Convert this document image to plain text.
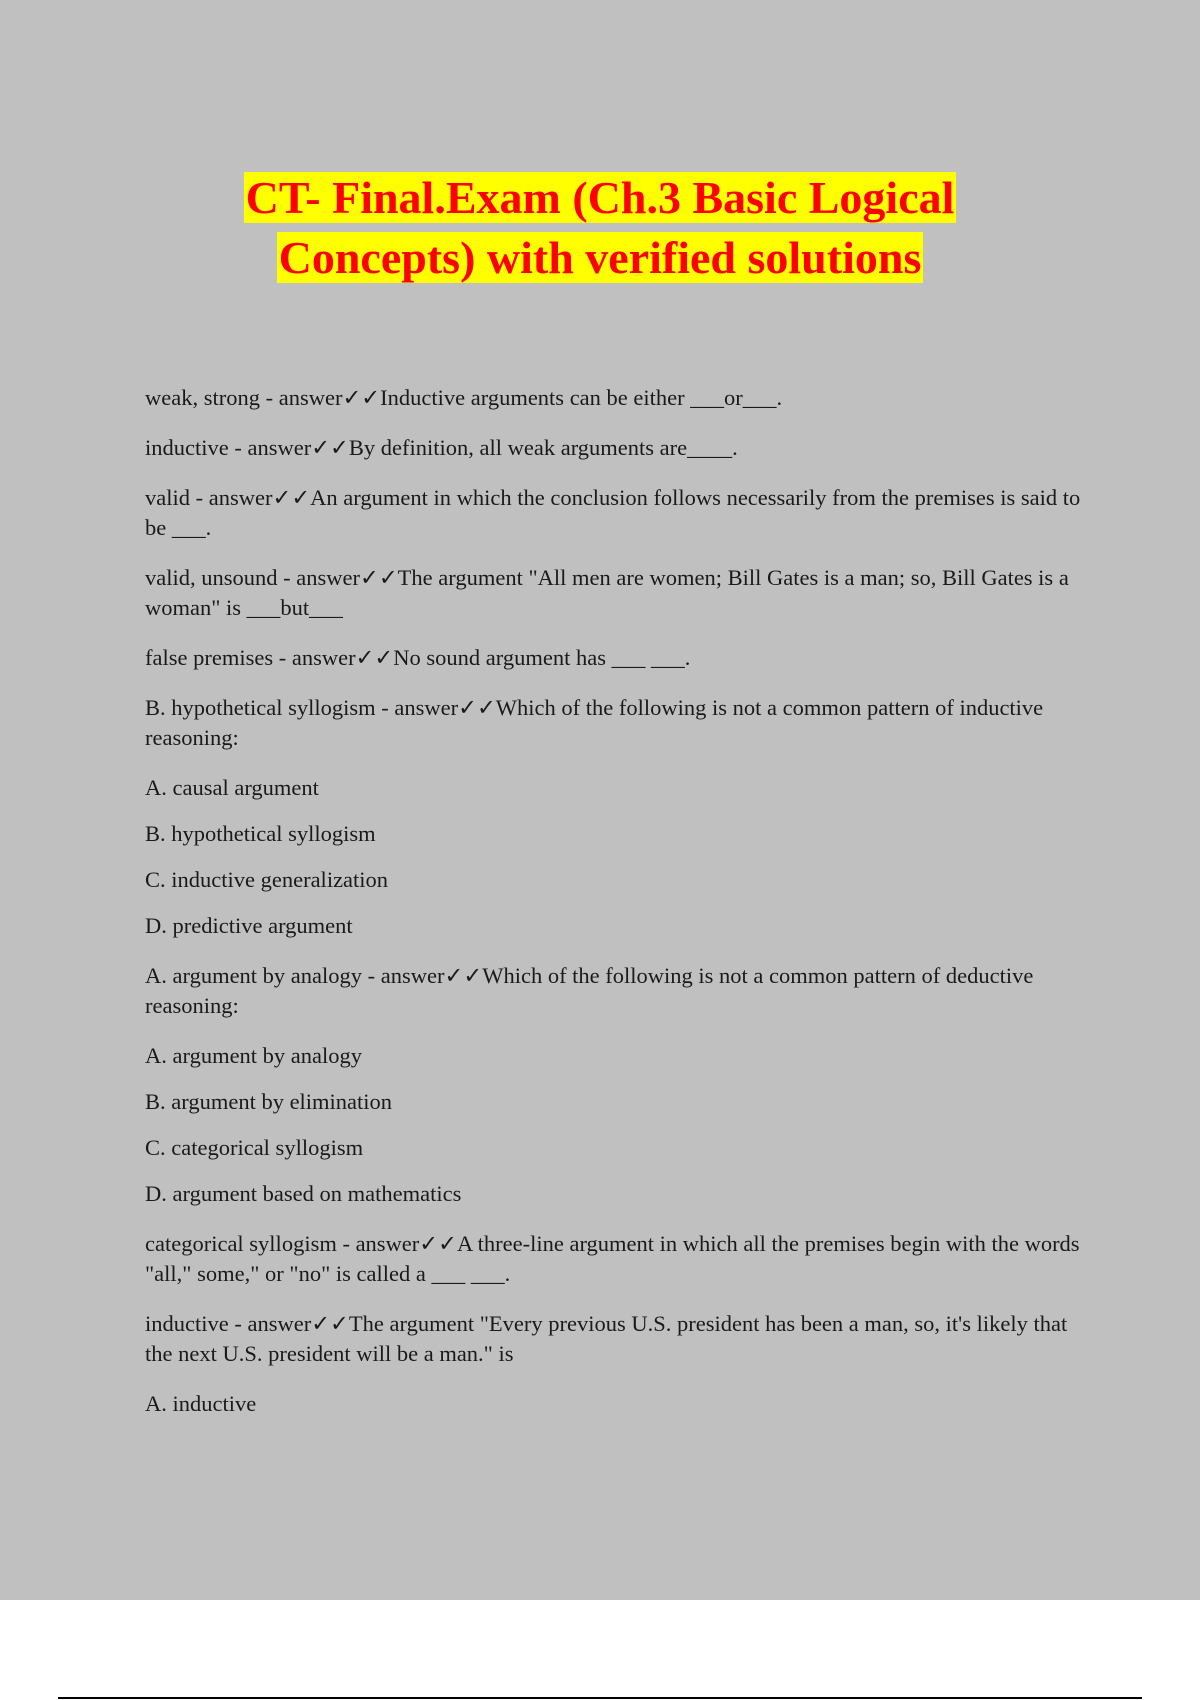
CT- Final.Exam (Ch.3 Basic Logical
Concepts) with verified solutions

weak, strong - answer✓✓Inductive arguments can be either ___or___.

inductive - answer✓✓By definition, all weak arguments are____.

valid - answer✓✓An argument in which the conclusion follows necessarily from the premises is said to be ___.

valid, unsound - answer✓✓The argument "All men are women; Bill Gates is a man; so, Bill Gates is a woman" is ___but___

false premises - answer✓✓No sound argument has ___ ___.

B. hypothetical syllogism - answer✓✓Which of the following is not a common pattern of inductive reasoning:

A. causal argument

B. hypothetical syllogism

C. inductive generalization

D. predictive argument

A. argument by analogy - answer✓✓Which of the following is not a common pattern of deductive reasoning:

A. argument by analogy

B. argument by elimination

C. categorical syllogism

D. argument based on mathematics

categorical syllogism - answer✓✓A three-line argument in which all the premises begin with the words "all," some," or "no" is called a ___ ___.

inductive - answer✓✓The argument "Every previous U.S. president has been a man, so, it's likely that the next U.S. president will be a man." is

A. inductive
